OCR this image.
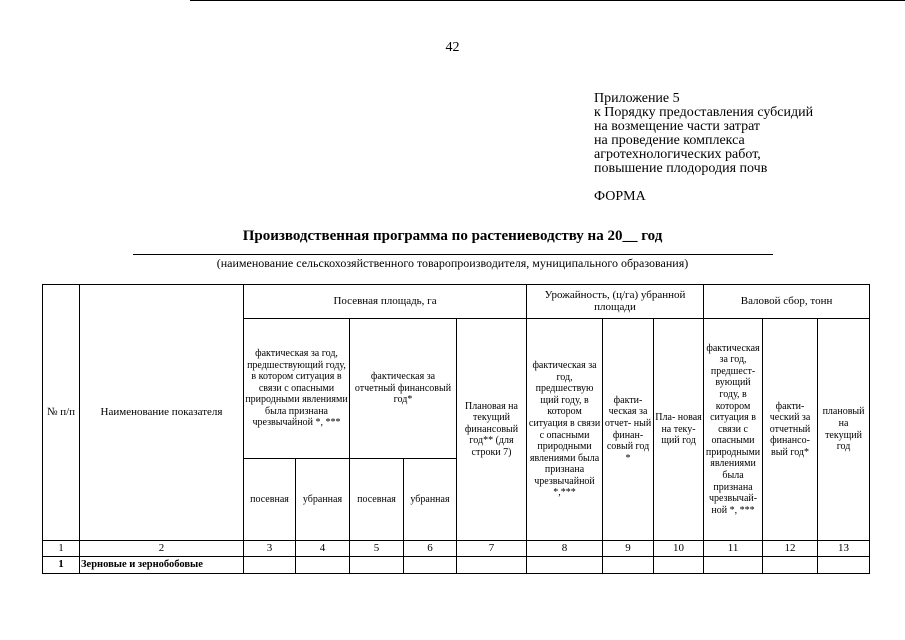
42
Приложение 5
к Порядку предоставления субсидий
на возмещение части затрат
на проведение комплекса
агротехнологических работ,
повышение плодородия почв
ФОРМА
Производственная программа по растениеводству на 20__ год
(наименование сельскохозяйственного товаропроизводителя, муниципального образования)
№ п/п	Наименование показателя	Посевная площадь, га					Урожайность, (ц/га) убранной площади			Валовой сбор, тонн		
		фактическая за год, предшествующий году, в котором ситуация в связи с опасными природными явлениями была признана чрезвычайной *, ***		фактическая за отчетный финансовый год*		Плановая на текущий финансовый год** (для строки 7)	фактическая за год, предшествую щий году, в котором ситуация в связи с опасными природными явлениями была признана чрезвычайной *,***	факти- ческая за отчет- ный финан- совый год *	Пла- новая на теку- щий год	фактическая за год, предшест- вующий году, в котором ситуация в связи с опасными природными явлениями была признана чрезвычай- ной *, ***	факти- ческий за отчетный финансо- вый год*	плановый на текущий год
		посевная	убранная	посевная	убранная							
1	2	3	4	5	6	7	8	9	10	11	12	13
1	Зерновые и зернобобовые											
